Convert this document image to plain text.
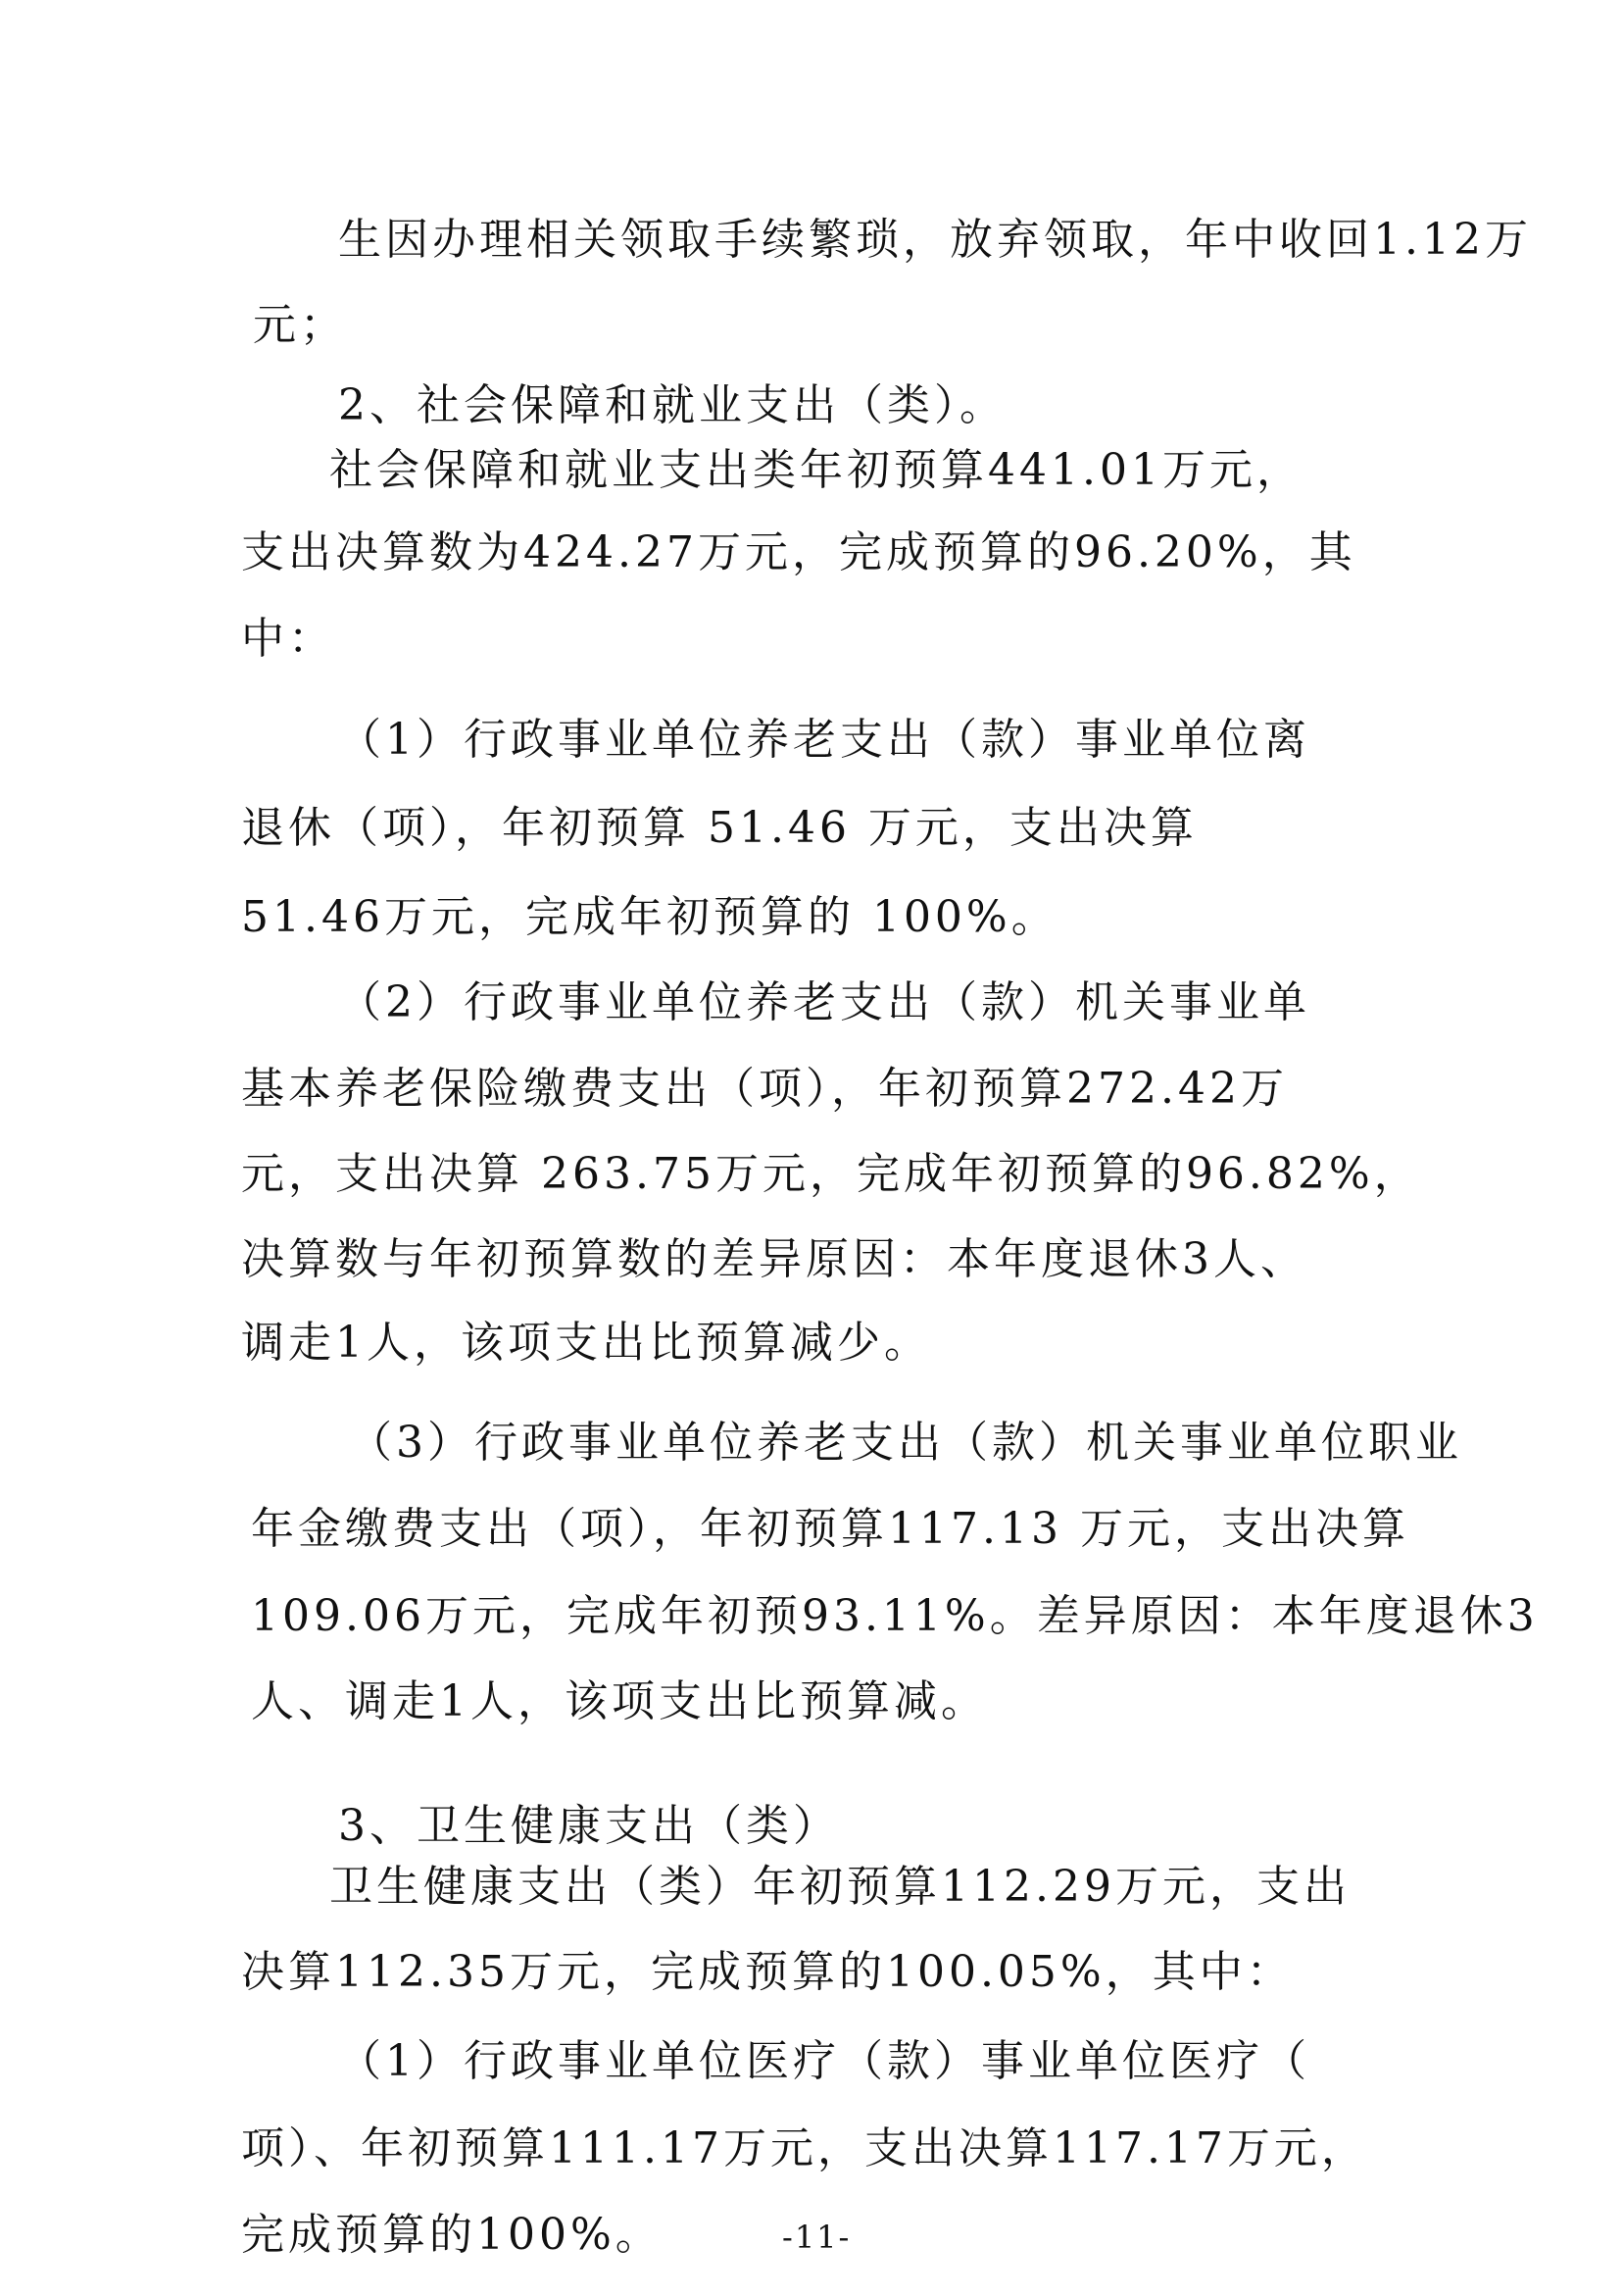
生因办理相关领取手续繁琐，放弃领取，年中收回1.12万

元；

2、社会保障和就业支出（类）。

社会保障和就业支出类年初预算441.01万元，

支出决算数为424.27万元，完成预算的96.20%，其

中：

（1）行政事业单位养老支出（款）事业单位离

退休（项），年初预算 51.46 万元，支出决算

51.46万元，完成年初预算的 100%。

（2）行政事业单位养老支出（款）机关事业单

基本养老保险缴费支出（项），年初预算272.42万

元，支出决算 263.75万元，完成年初预算的96.82%，

决算数与年初预算数的差异原因：本年度退休3人、

调走1人，该项支出比预算减少。

（3）行政事业单位养老支出（款）机关事业单位职业

年金缴费支出（项），年初预算117.13 万元，支出决算

109.06万元，完成年初预93.11%。差异原因：本年度退休3

人、调走1人，该项支出比预算减。

3、卫生健康支出（类）

卫生健康支出（类）年初预算112.29万元，支出

决算112.35万元，完成预算的100.05%，其中：

（1）行政事业单位医疗（款）事业单位医疗（

项）、年初预算111.17万元，支出决算117.17万元，

完成预算的100%。	-11-
